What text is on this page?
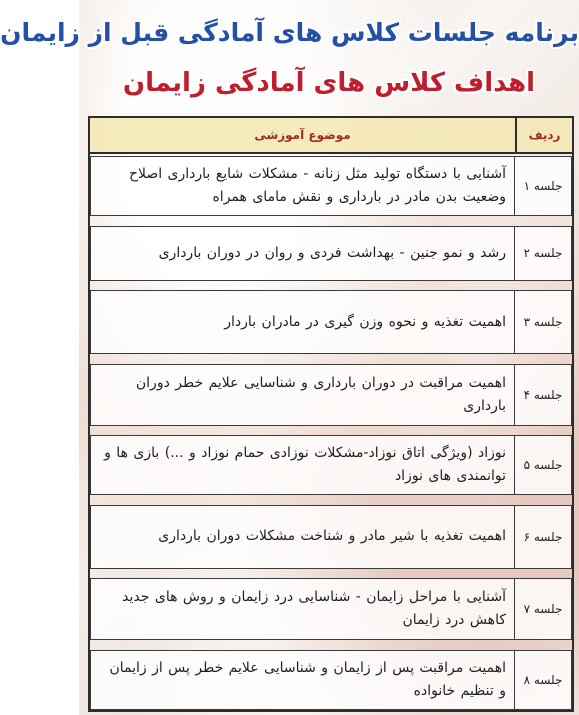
برنامه جلسات کلاس های آمادگی قبل از زایمان
اهداف کلاس های آمادگی زایمان
ردیف
موضوع آموزشی
جلسه ۱
آشنایی با دستگاه تولید مثل زنانه - مشکلات شایع بارداری اصلاح وضعیت بدن مادر در بارداری و نقش مامای همراه
جلسه ۲
رشد و نمو جنین - بهداشت فردی و روان در دوران بارداری
جلسه ۳
اهمیت تغذیه و نحوه وزن گیری در مادران باردار
جلسه ۴
اهمیت مراقبت در دوران بارداری و شناسایی علایم خطر دوران بارداری
جلسه ۵
نوزاد (ویژگی اتاق نوزاد-مشکلات نوزادی حمام نوزاد و ...) بازی ها و توانمندی های نوزاد
جلسه ۶
اهمیت تغذیه با شیر مادر و شناخت مشکلات دوران بارداری
جلسه ۷
آشنایی با مراحل زایمان - شناسایی درد زایمان و روش های جدید کاهش درد زایمان
جلسه ۸
اهمیت مراقبت پس از زایمان و شناسایی علایم خطر پس از زایمان و تنظیم خانواده
